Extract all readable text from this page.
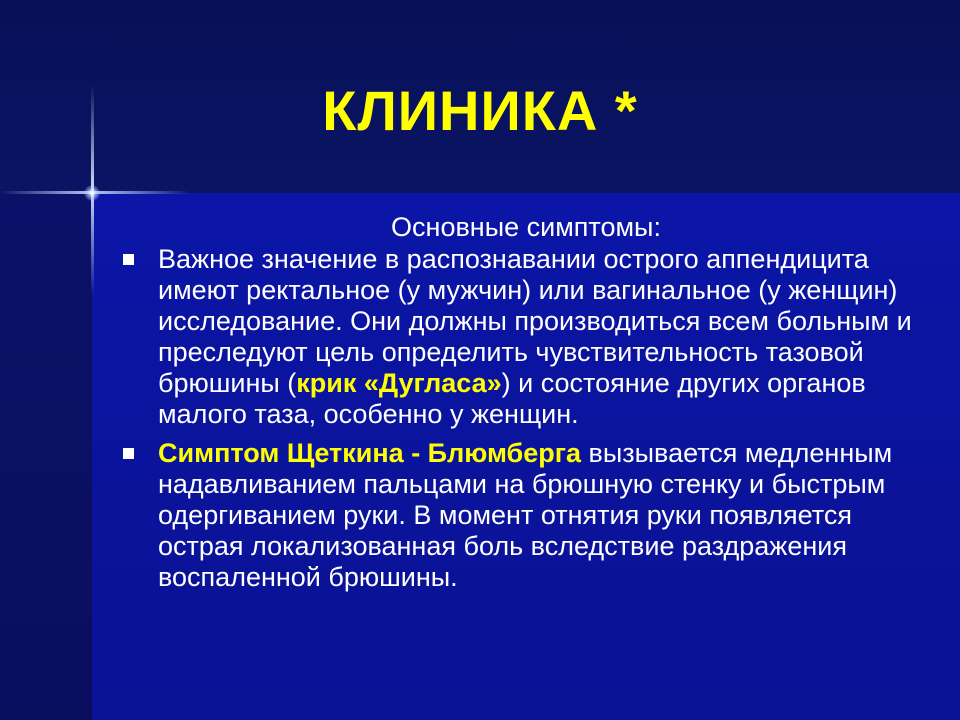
КЛИНИКА *
Основные симптомы:
Важное значение в распознавании острого аппендицита имеют ректальное (у мужчин) или вагинальное (у женщин) исследование. Они должны производиться всем больным и преследуют цель определить чувствительность тазовой брюшины (крик «Дугласа») и состояние других органов малого таза, особенно у женщин.
Симптом Щеткина - Блюмберга вызывается медленным надавливанием пальцами на брюшную стенку и быстрым одергиванием руки. В момент отнятия руки появляется острая локализованная боль вследствие раздражения воспаленной брюшины.
